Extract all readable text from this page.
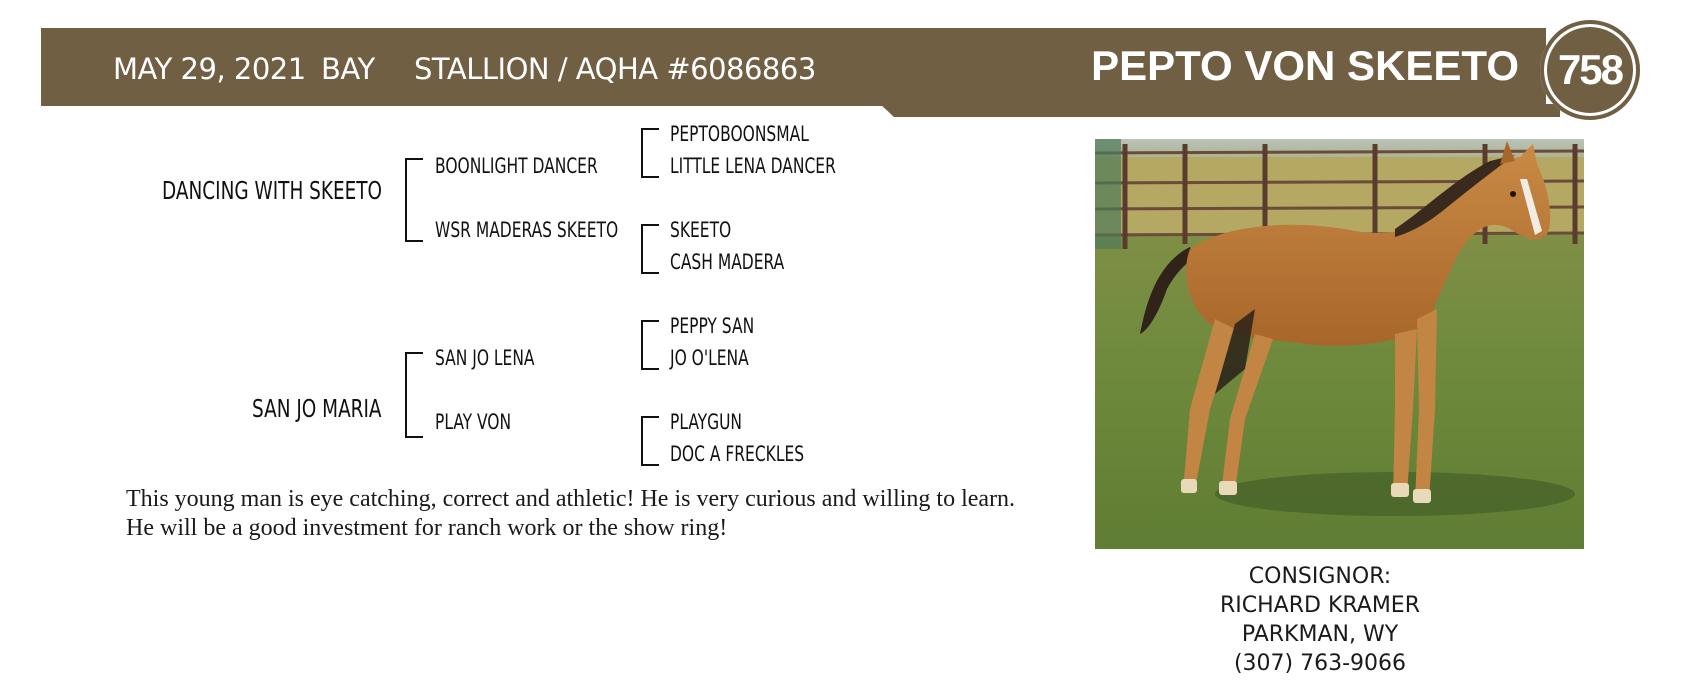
MAY 29, 2021 BAY STALLION / AQHA #6086863	PEPTO VON SKEETO 758
DANCING WITH SKEETO
BOONLIGHT DANCER
WSR MADERAS SKEETO
PEPTOBOONSMAL
LITTLE LENA DANCER
SKEETO
CASH MADERA
SAN JO MARIA
SAN JO LENA
PLAY VON
PEPPY SAN
JO O'LENA
PLAYGUN
DOC A FRECKLES
This young man is eye catching, correct and athletic! He is very curious and willing to learn. He will be a good investment for ranch work or the show ring!
CONSIGNOR:
RICHARD KRAMER
PARKMAN, WY
(307) 763-9066
